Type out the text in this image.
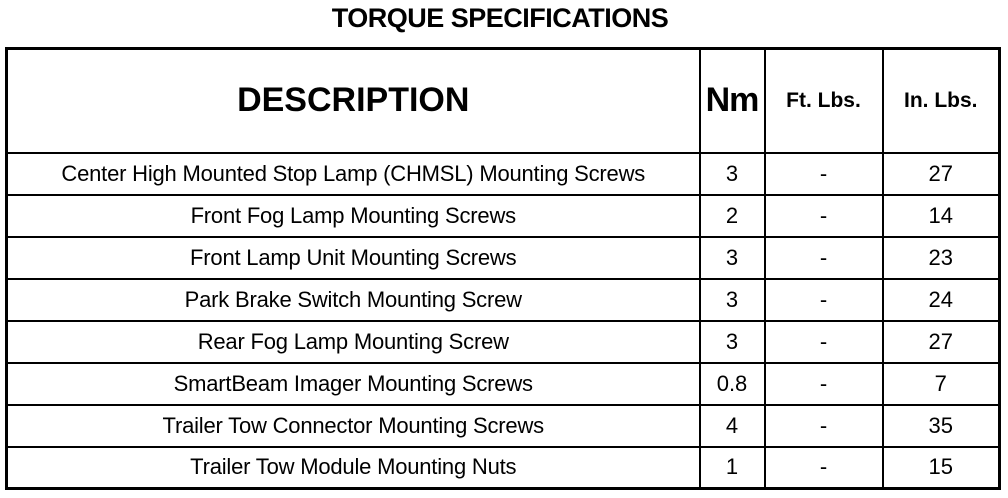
TORQUE SPECIFICATIONS
DESCRIPTION	Nm	Ft. Lbs.	In. Lbs.
Center High Mounted Stop Lamp (CHMSL) Mounting Screws	3	-	27
Front Fog Lamp Mounting Screws	2	-	14
Front Lamp Unit Mounting Screws	3	-	23
Park Brake Switch Mounting Screw	3	-	24
Rear Fog Lamp Mounting Screw	3	-	27
SmartBeam Imager Mounting Screws	0.8	-	7
Trailer Tow Connector Mounting Screws	4	-	35
Trailer Tow Module Mounting Nuts	1	-	15
